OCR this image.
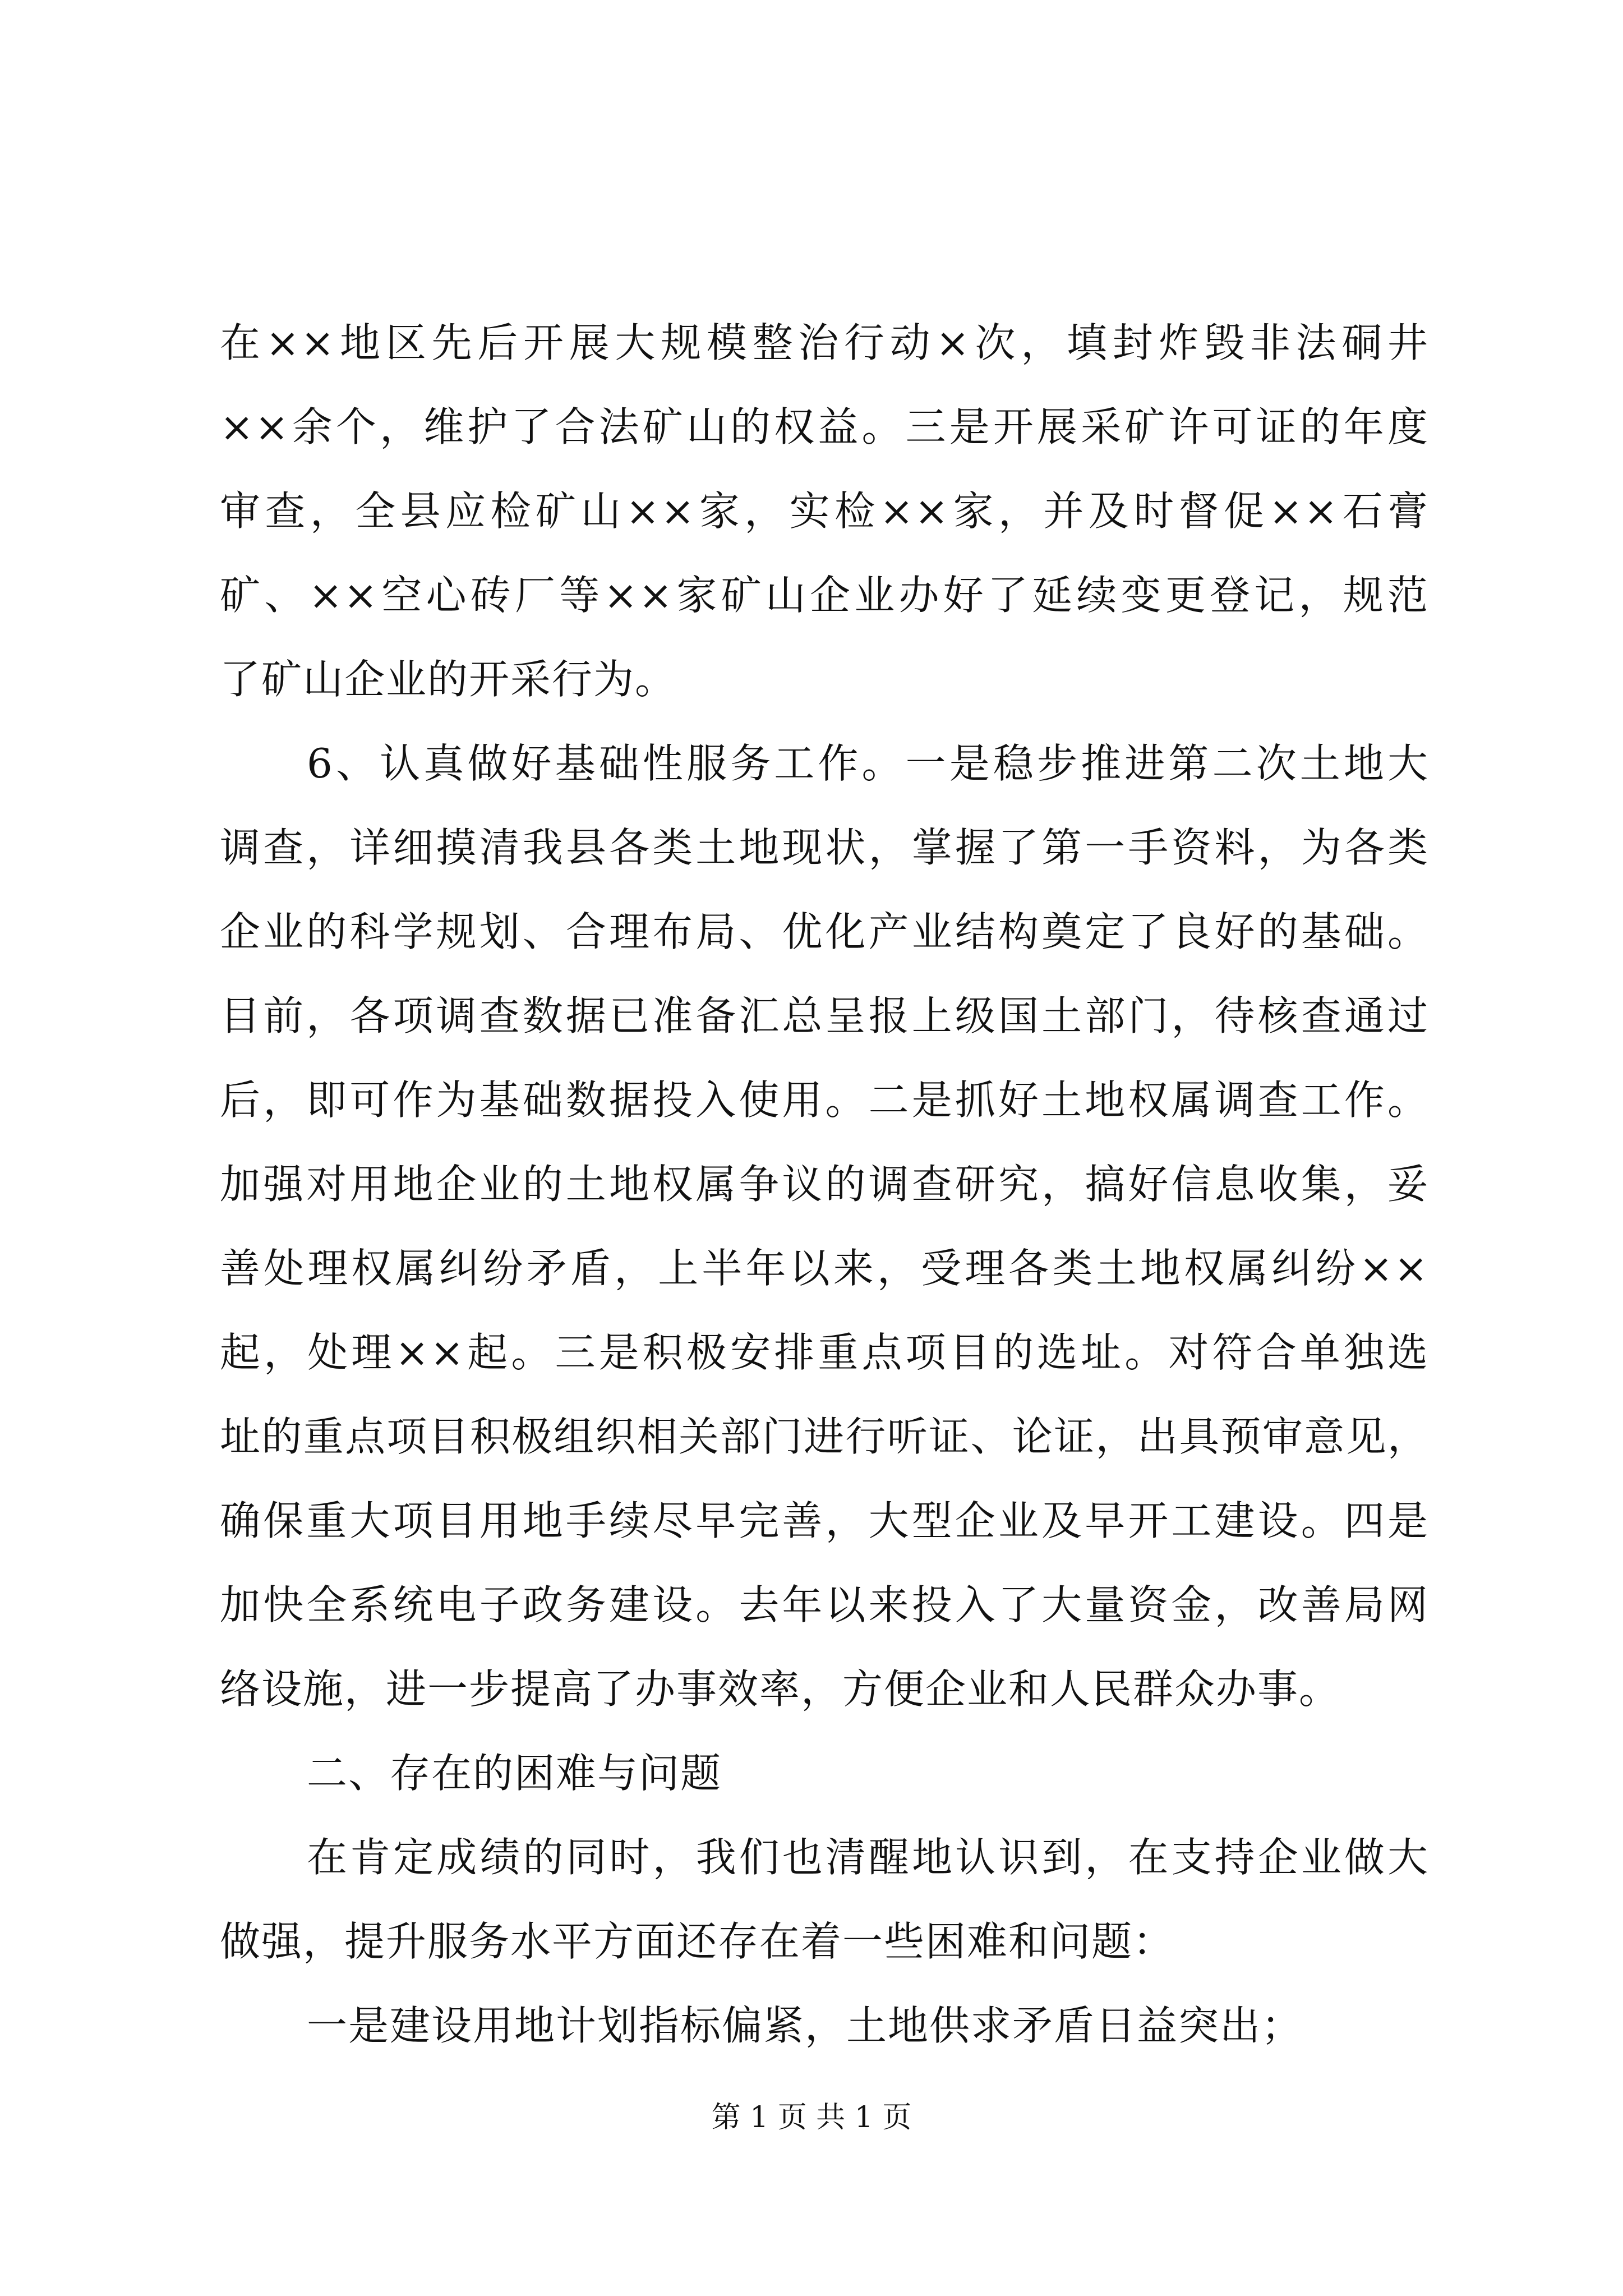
在××地区先后开展大规模整治行动×次，填封炸毁非法硐井
××余个，维护了合法矿山的权益。三是开展采矿许可证的年度
审查，全县应检矿山××家，实检××家，并及时督促××石膏
矿、××空心砖厂等××家矿山企业办好了延续变更登记，规范
了矿山企业的开采行为。
6、认真做好基础性服务工作。一是稳步推进第二次土地大
调查，详细摸清我县各类土地现状，掌握了第一手资料，为各类
企业的科学规划、合理布局、优化产业结构奠定了良好的基础。
目前，各项调查数据已准备汇总呈报上级国土部门，待核查通过
后，即可作为基础数据投入使用。二是抓好土地权属调查工作。
加强对用地企业的土地权属争议的调查研究，搞好信息收集，妥
善处理权属纠纷矛盾，上半年以来，受理各类土地权属纠纷××
起，处理××起。三是积极安排重点项目的选址。对符合单独选
址的重点项目积极组织相关部门进行听证、论证，出具预审意见，
确保重大项目用地手续尽早完善，大型企业及早开工建设。四是
加快全系统电子政务建设。去年以来投入了大量资金，改善局网
络设施，进一步提高了办事效率，方便企业和人民群众办事。
二、存在的困难与问题
在肯定成绩的同时，我们也清醒地认识到，在支持企业做大
做强，提升服务水平方面还存在着一些困难和问题：
一是建设用地计划指标偏紧，土地供求矛盾日益突出；
第 1 页 共 1 页
